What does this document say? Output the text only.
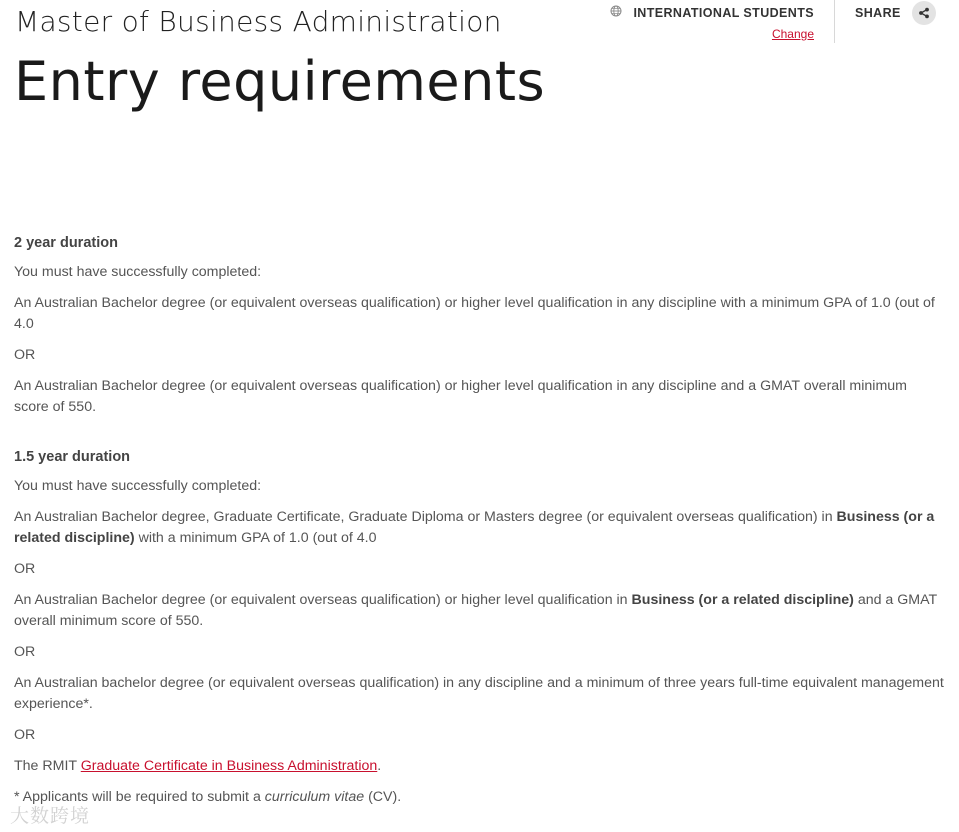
Master of Business Administration
Entry requirements
INTERNATIONAL STUDENTS
Change
SHARE
2 year duration

You must have successfully completed:

An Australian Bachelor degree (or equivalent overseas qualification) or higher level qualification in any discipline with a minimum GPA of 1.0 (out of 4.0

OR

An Australian Bachelor degree (or equivalent overseas qualification) or higher level qualification in any discipline and a GMAT overall minimum score of 550.

1.5 year duration

You must have successfully completed:

An Australian Bachelor degree, Graduate Certificate, Graduate Diploma or Masters degree (or equivalent overseas qualification) in Business (or a related discipline) with a minimum GPA of 1.0 (out of 4.0

OR

An Australian Bachelor degree (or equivalent overseas qualification) or higher level qualification in Business (or a related discipline) and a GMAT overall minimum score of 550.

OR

An Australian bachelor degree (or equivalent overseas qualification) in any discipline and a minimum of three years full-time equivalent management experience*.

OR

The RMIT Graduate Certificate in Business Administration.

* Applicants will be required to submit a curriculum vitae (CV).

大数跨境
